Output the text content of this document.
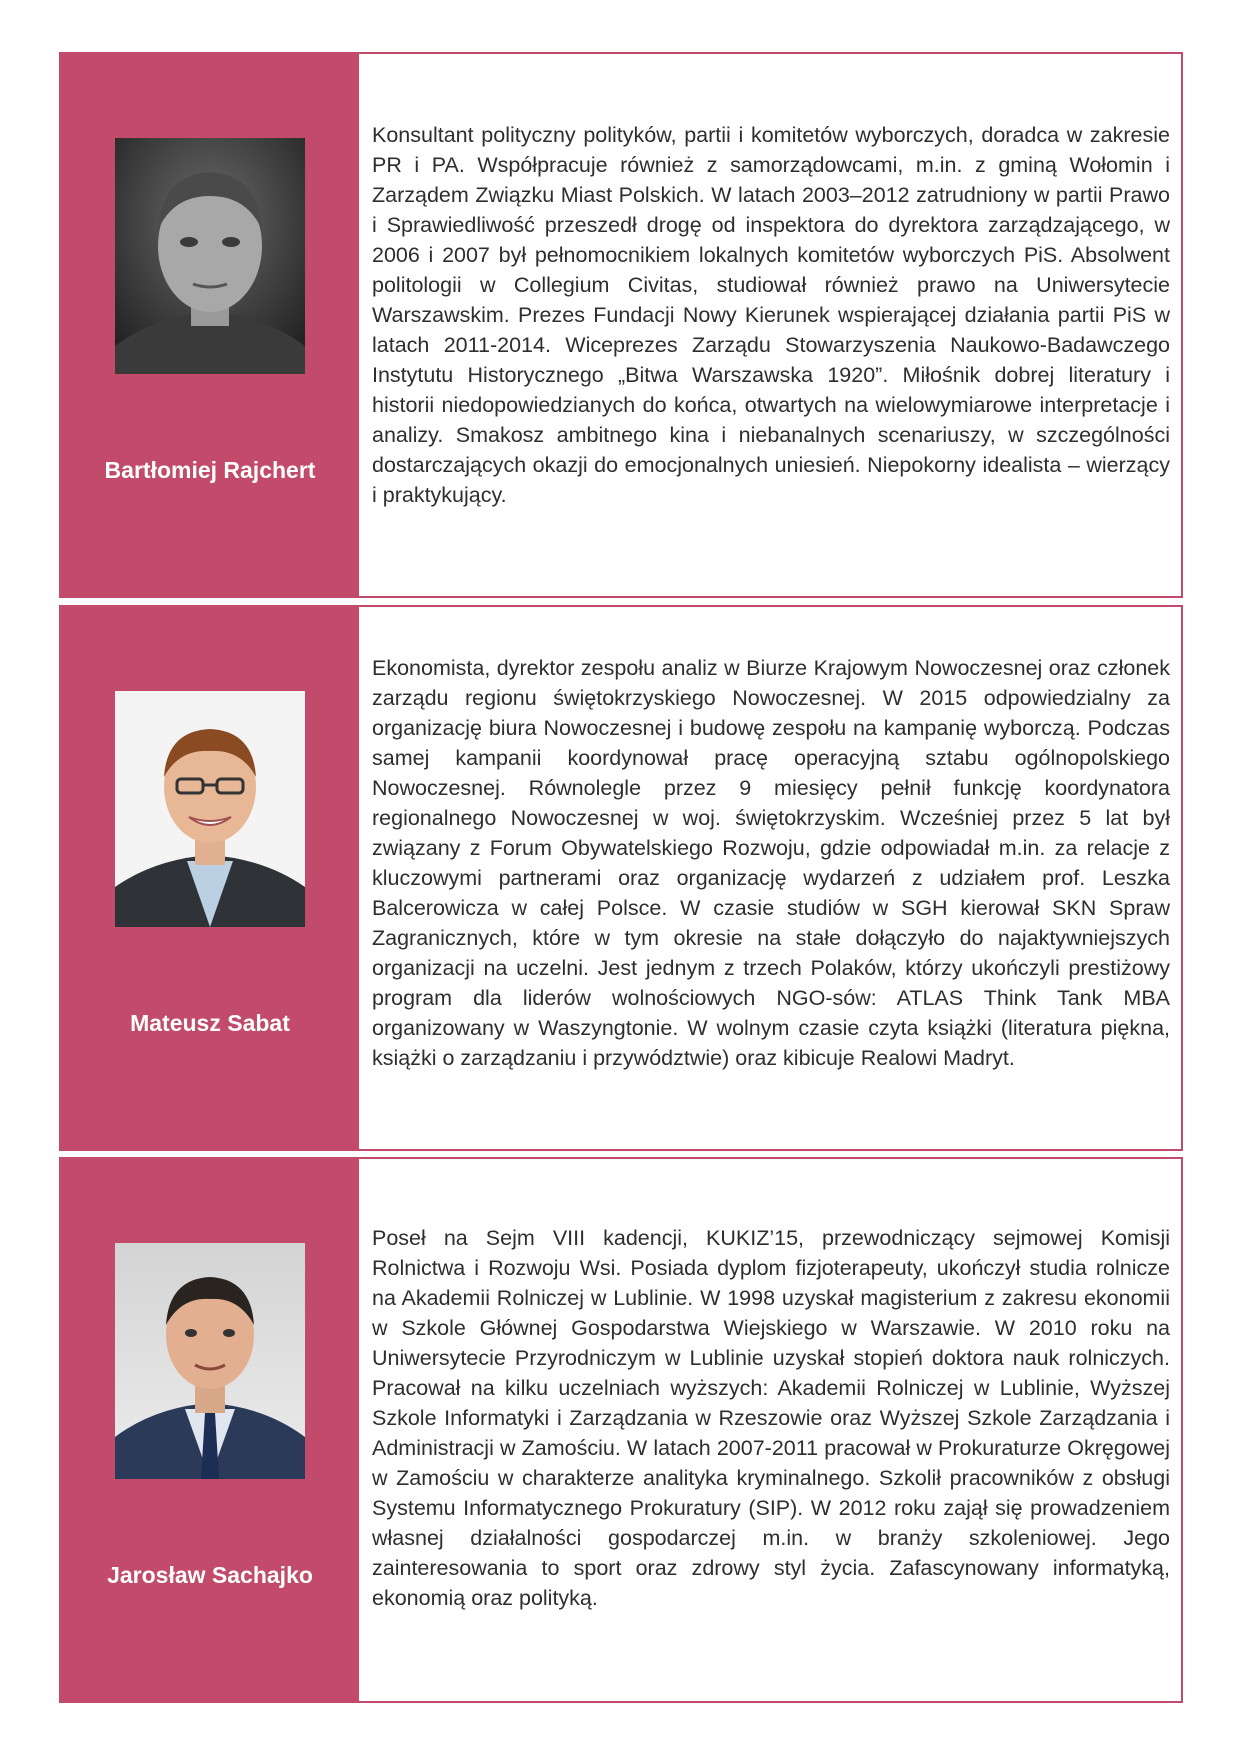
Bartłomiej Rajchert

Konsultant polityczny polityków, partii i komitetów wyborczych, doradca w zakresie PR i PA. Współpracuje również z samorządowcami, m.in. z gminą Wołomin i Zarządem Związku Miast Polskich. W latach 2003–2012 zatrudniony w partii Prawo i Sprawiedliwość przeszedł drogę od inspektora do dyrektora zarządzającego, w 2006 i 2007 był pełnomocnikiem lokalnych komitetów wyborczych PiS. Absolwent politologii w Collegium Civitas, studiował również prawo na Uniwersytecie Warszawskim. Prezes Fundacji Nowy Kierunek wspierającej działania partii PiS w latach 2011-2014. Wiceprezes Zarządu Stowarzyszenia Naukowo-Badawczego Instytutu Historycznego „Bitwa Warszawska 1920”. Miłośnik dobrej literatury i historii niedopowiedzianych do końca, otwartych na wielowymiarowe interpretacje i analizy. Smakosz ambitnego kina i niebanalnych scenariuszy, w szczególności dostarczających okazji do emocjonalnych uniesień. Niepokorny idealista – wierzący i praktykujący.

Mateusz Sabat

Ekonomista, dyrektor zespołu analiz w Biurze Krajowym Nowoczesnej oraz członek zarządu regionu świętokrzyskiego Nowoczesnej. W 2015 odpowiedzialny za organizację biura Nowoczesnej i budowę zespołu na kampanię wyborczą. Podczas samej kampanii koordynował pracę operacyjną sztabu ogólnopolskiego Nowoczesnej. Równolegle przez 9 miesięcy pełnił funkcję koordynatora regionalnego Nowoczesnej w woj. świętokrzyskim. Wcześniej przez 5 lat był związany z Forum Obywatelskiego Rozwoju, gdzie odpowiadał m.in. za relacje z kluczowymi partnerami oraz organizację wydarzeń z udziałem prof. Leszka Balcerowicza w całej Polsce. W czasie studiów w SGH kierował SKN Spraw Zagranicznych, które w tym okresie na stałe dołączyło do najaktywniejszych organizacji na uczelni. Jest jednym z trzech Polaków, którzy ukończyli prestiżowy program dla liderów wolnościowych NGO-sów: ATLAS Think Tank MBA organizowany w Waszyngtonie. W wolnym czasie czyta książki (literatura piękna, książki o zarządzaniu i przywództwie) oraz kibicuje Realowi Madryt.

Jarosław Sachajko

Poseł na Sejm VIII kadencji, KUKIZ’15, przewodniczący sejmowej Komisji Rolnictwa i Rozwoju Wsi. Posiada dyplom fizjoterapeuty, ukończył studia rolnicze na Akademii Rolniczej w Lublinie. W 1998 uzyskał magisterium z zakresu ekonomii w Szkole Głównej Gospodarstwa Wiejskiego w Warszawie. W 2010 roku na Uniwersytecie Przyrodniczym w Lublinie uzyskał stopień doktora nauk rolniczych. Pracował na kilku uczelniach wyższych: Akademii Rolniczej w Lublinie, Wyższej Szkole Informatyki i Zarządzania w Rzeszowie oraz Wyższej Szkole Zarządzania i Administracji w Zamościu. W latach 2007-2011 pracował w Prokuraturze Okręgowej w Zamościu w charakterze analityka kryminalnego. Szkolił pracowników z obsługi Systemu Informatycznego Prokuratury (SIP). W 2012 roku zajął się prowadzeniem własnej działalności gospodarczej m.in. w branży szkoleniowej. Jego zainteresowania to sport oraz zdrowy styl życia. Zafascynowany informatyką, ekonomią oraz polityką.
